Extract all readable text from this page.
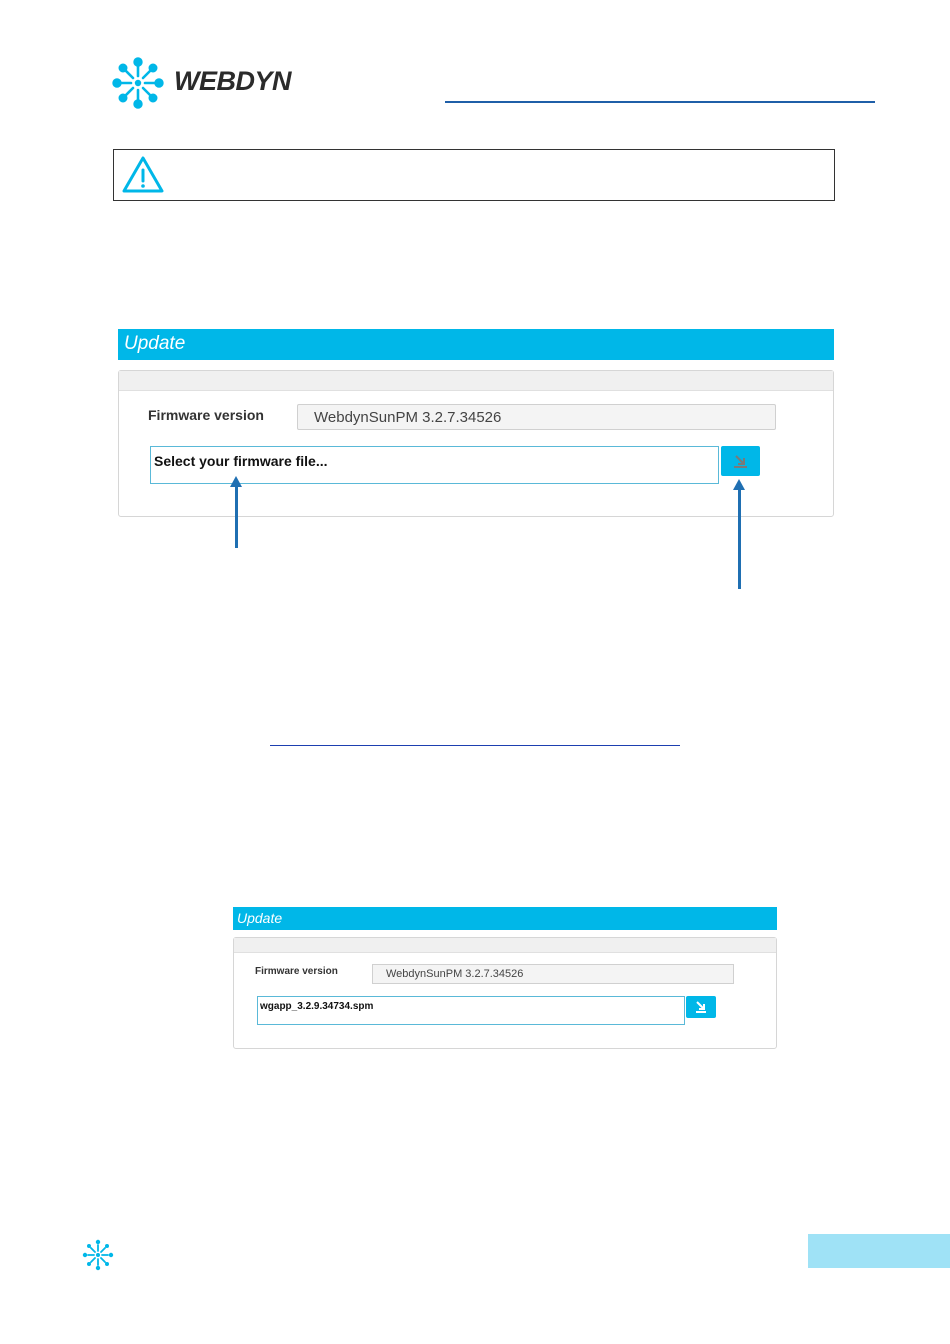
WEBDYN
Update
Firmware version	WebdynSunPM 3.2.7.34526
Select your firmware file...
Update
Firmware version	WebdynSunPM 3.2.7.34526
wgapp_3.2.9.34734.spm
